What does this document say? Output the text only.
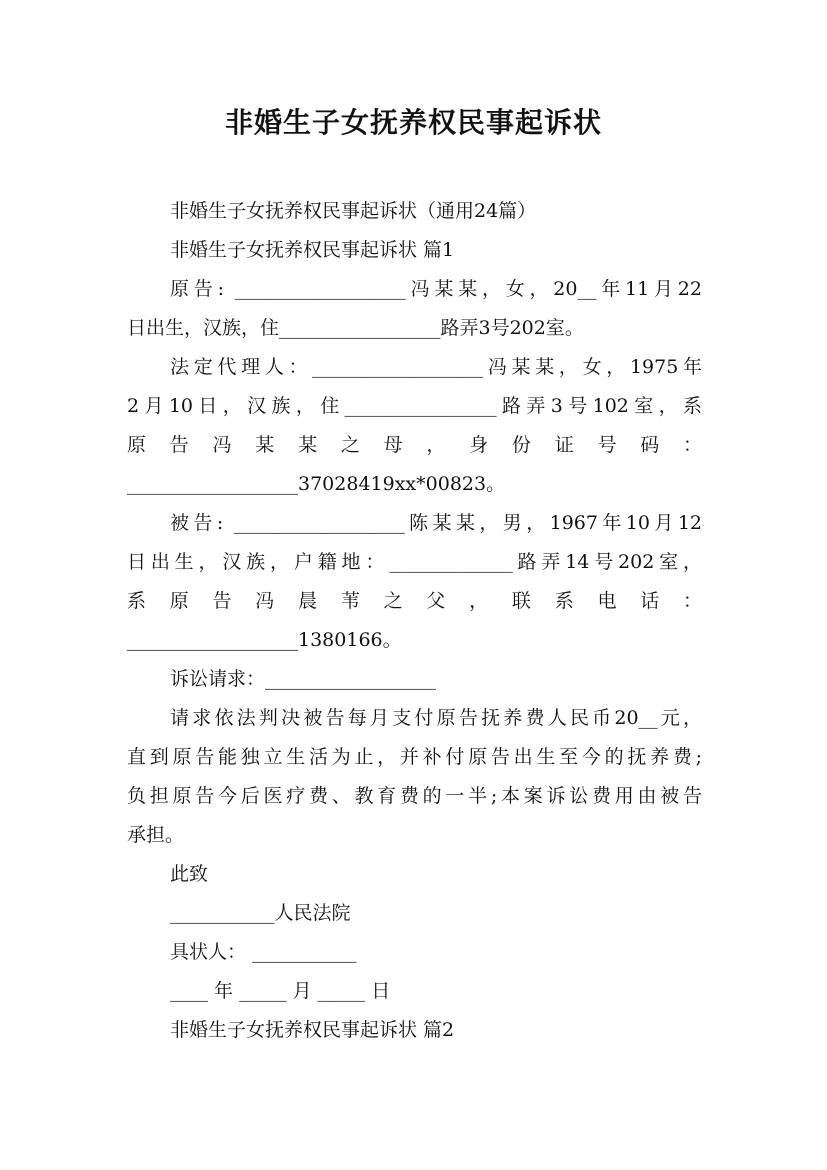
非婚生子女抚养权民事起诉状
非婚生子女抚养权民事起诉状（通用24篇）
非婚生子女抚养权民事起诉状 篇1
原告: __________________冯某某，女，20__年11月22
日出生，汉族，住_________________路弄3号202室。
法定代理人：__________________冯某某，女，1975年
2月10日，汉族，住________________路弄3号102室，系
原 告 冯 某 某 之 母 ， 身 份 证 号 码 ：
__________________37028419xx*00823。
被告: __________________陈某某，男，1967年10月12
日出生，汉族，户籍地：_____________路弄14号202室，
系 原 告 冯 晨 苇 之 父 ， 联 系 电 话 ：
__________________1380166。
诉讼请求：__________________
请求依法判决被告每月支付原告抚养费人民币20__元，
直到原告能独立生活为止，并补付原告出生至今的抚养费;
负担原告今后医疗费、教育费的一半;本案诉讼费用由被告
承担。
此致
___________人民法院
具状人： ___________
____ 年 _____ 月 _____ 日
非婚生子女抚养权民事起诉状 篇2
